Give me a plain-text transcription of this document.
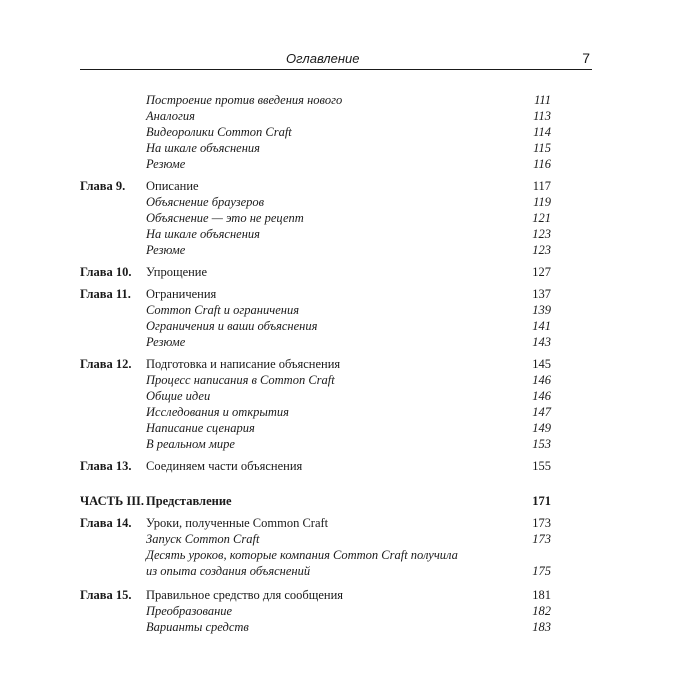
Оглавление	7
Построение против введения нового	111
Аналогия	113
Видеоролики Common Craft	114
На шкале объяснения	115
Резюме	116
Глава 9. Описание	117
Объяснение браузеров	119
Объяснение — это не рецепт	121
На шкале объяснения	123
Резюме	123
Глава 10. Упрощение	127
Глава 11. Ограничения	137
Common Craft и ограничения	139
Ограничения и ваши объяснения	141
Резюме	143
Глава 12. Подготовка и написание объяснения	145
Процесс написания в Common Craft	146
Общие идеи	146
Исследования и открытия	147
Написание сценария	149
В реальном мире	153
Глава 13. Соединяем части объяснения	155
ЧАСТЬ III. Представление	171
Глава 14. Уроки, полученные Common Craft	173
Запуск Common Craft	173
Десять уроков, которые компания Common Craft получила
из опыта создания объяснений	175
Глава 15. Правильное средство для сообщения	181
Преобразование	182
Варианты средств	183
